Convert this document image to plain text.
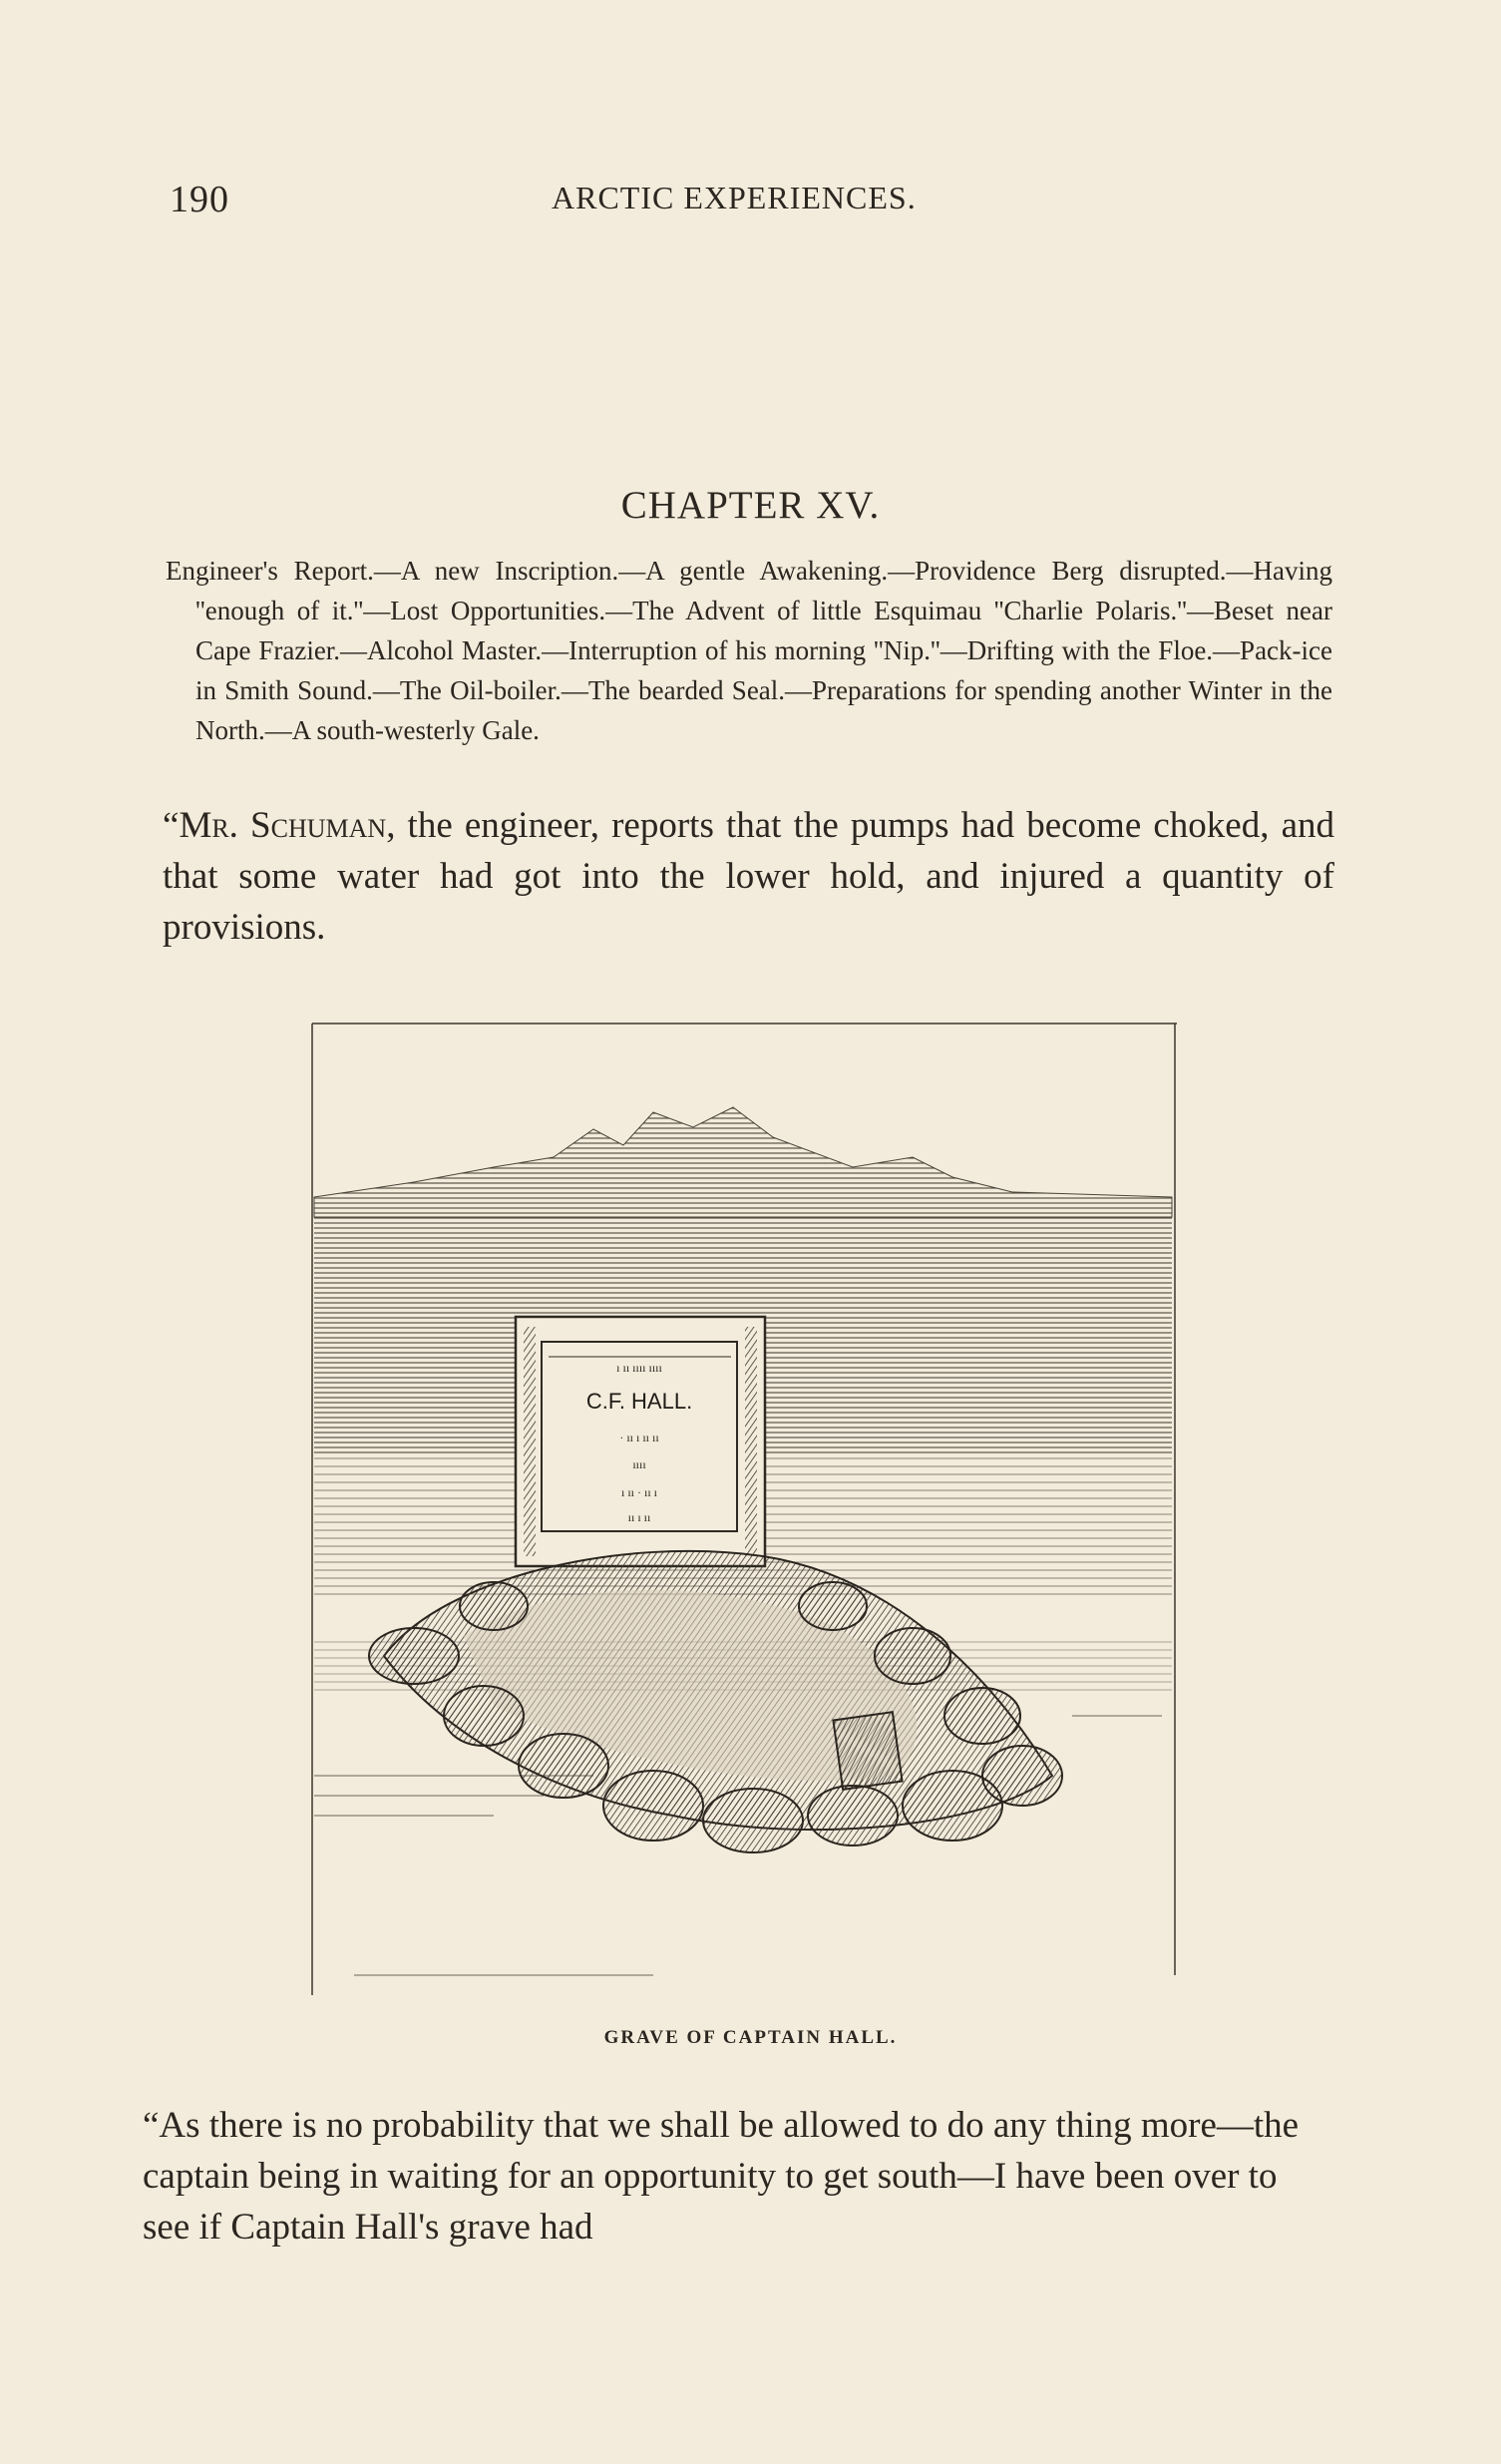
190	ARCTIC EXPERIENCES.
CHAPTER XV.
Engineer's Report.—A new Inscription.—A gentle Awakening.—Providence Berg disrupted.—Having ''enough of it.''—Lost Opportunities.—The Advent of little Esquimau ''Charlie Polaris.''—Beset near Cape Frazier.—Alcohol Master.—Interruption of his morning ''Nip.''—Drifting with the Floe.—Pack-ice in Smith Sound.—The Oil-boiler.—The bearded Seal.—Preparations for spending another Winter in the North.—A south-westerly Gale.
“Mr. Schuman, the engineer, reports that the pumps had become choked, and that some water had got into the lower hold, and injured a quantity of provisions.
ı ıı ıııı ıııı
C.F. HALL.
· ıı ı ıı ıı
ıııı
ı ıı · ıı ı
ıı ı ıı
GRAVE OF CAPTAIN HALL.
“As there is no probability that we shall be allowed to do any thing more—the captain being in waiting for an opportunity to get south—I have been over to see if Captain Hall's grave had
